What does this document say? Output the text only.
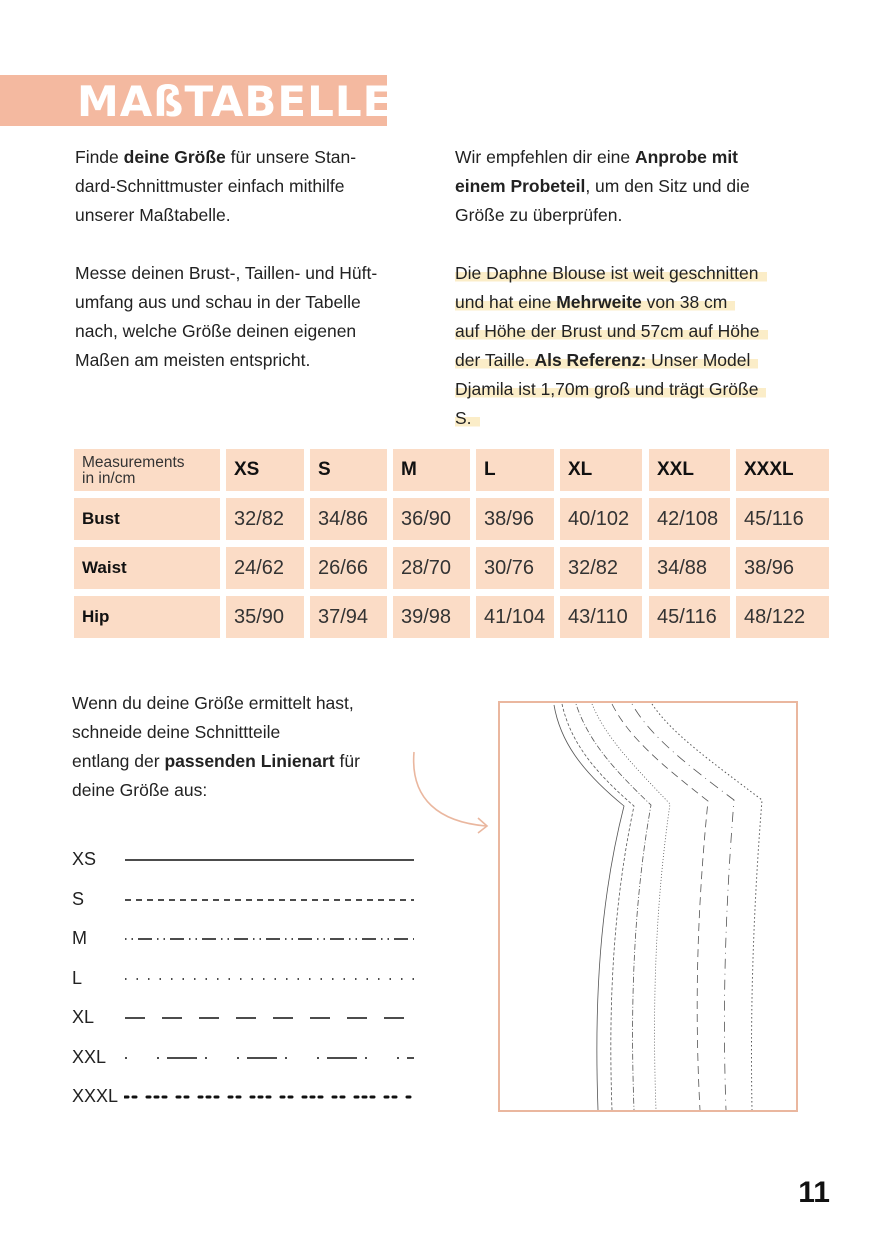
MAßTABELLE

Finde deine Größe für unsere Stan-
dard-Schnittmuster einfach mithilfe
unserer Maßtabelle.

Messe deinen Brust-, Taillen- und Hüft-
umfang aus und schau in der Tabelle
nach, welche Größe deinen eigenen
Maßen am meisten entspricht.

Wir empfehlen dir eine Anprobe mit
einem Probeteil, um den Sitz und die
Größe zu überprüfen.

Die Daphne Blouse ist weit geschnitten
und hat eine Mehrweite von 38 cm
auf Höhe der Brust und 57cm auf Höhe
der Taille. Als Referenz: Unser Model
Djamila ist 1,70m groß und trägt Größe
S.

Measurements
in in/cm	XS	S	M	L	XL	XXL	XXXL
Bust	32/82	34/86	36/90	38/96	40/102	42/108	45/116
Waist	24/62	26/66	28/70	30/76	32/82	34/88	38/96
Hip	35/90	37/94	39/98	41/104	43/110	45/116	48/122

Wenn du deine Größe ermittelt hast,
schneide deine Schnittteile
entlang der passenden Linienart für
deine Größe aus:

XS
S
M
L
XL
XXL
XXXL
11
